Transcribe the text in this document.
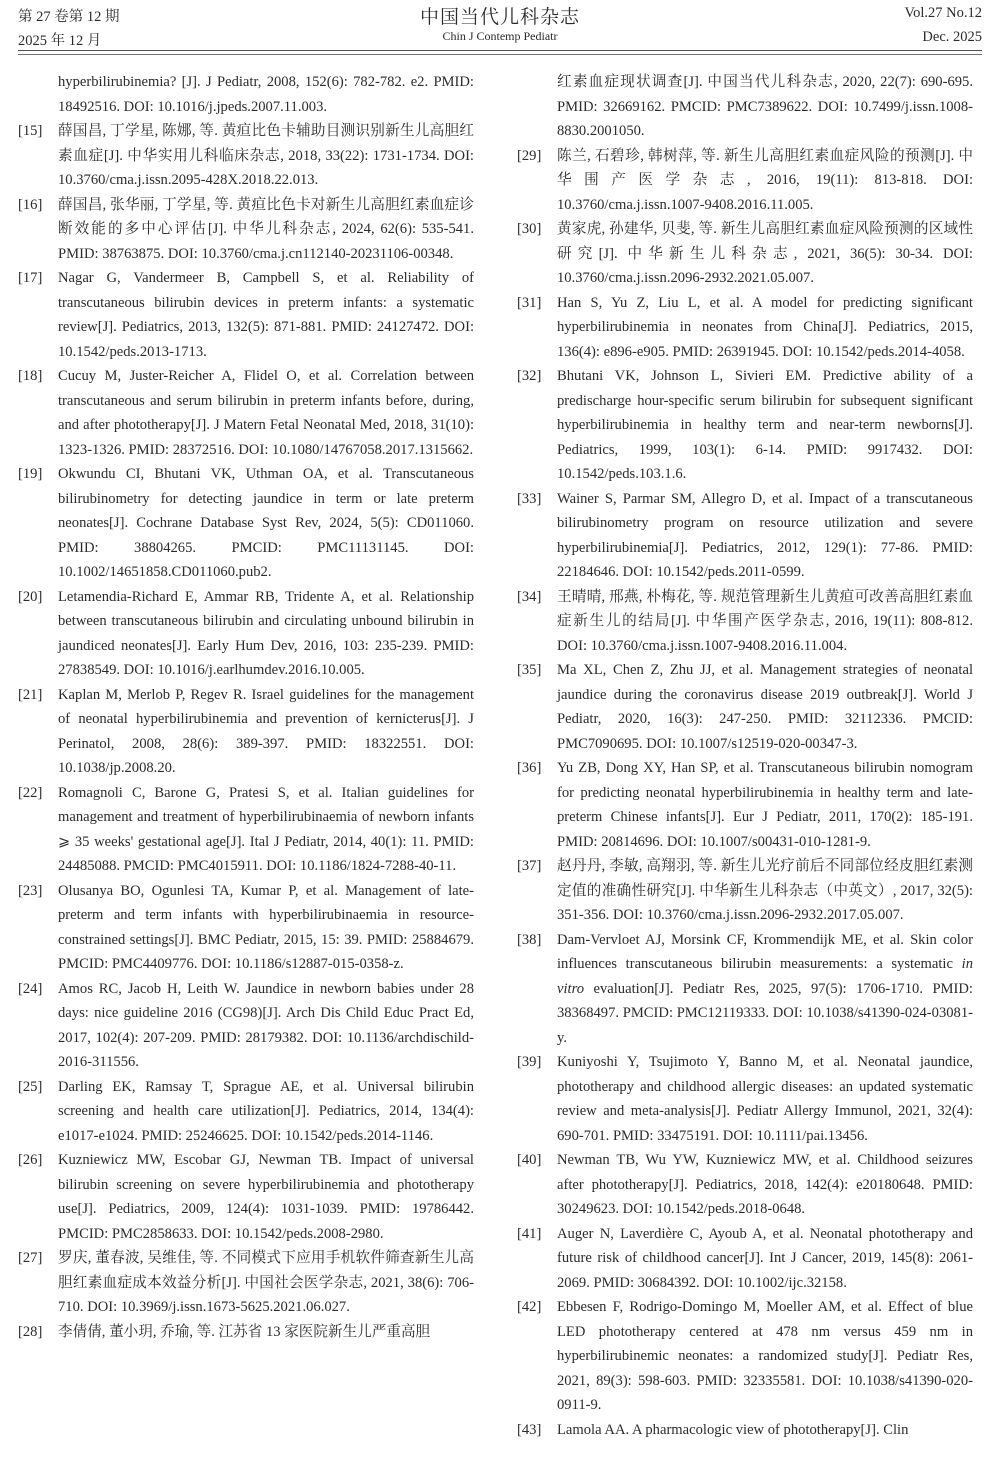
第 27 卷第 12 期
2025 年 12 月
中国当代儿科杂志
Chin J Contemp Pediatr
Vol.27 No.12
Dec. 2025
hyperbilirubinemia? [J]. J Pediatr, 2008, 152(6): 782-782. e2. PMID: 18492516. DOI: 10.1016/j.jpeds.2007.11.003.
[15] 薛国昌, 丁学星, 陈娜, 等. 黄疸比色卡辅助目测识别新生儿高胆红素血症[J]. 中华实用儿科临床杂志, 2018, 33(22): 1731-1734. DOI: 10.3760/cma.j.issn.2095-428X.2018.22.013.
[16] 薛国昌, 张华丽, 丁学星, 等. 黄疸比色卡对新生儿高胆红素血症诊断效能的多中心评估[J]. 中华儿科杂志, 2024, 62(6): 535-541. PMID: 38763875. DOI: 10.3760/cma.j.cn112140-20231106-00348.
[17] Nagar G, Vandermeer B, Campbell S, et al. Reliability of transcutaneous bilirubin devices in preterm infants: a systematic review[J]. Pediatrics, 2013, 132(5): 871-881. PMID: 24127472. DOI: 10.1542/peds.2013-1713.
[18] Cucuy M, Juster-Reicher A, Flidel O, et al. Correlation between transcutaneous and serum bilirubin in preterm infants before, during, and after phototherapy[J]. J Matern Fetal Neonatal Med, 2018, 31(10): 1323-1326. PMID: 28372516. DOI: 10.1080/14767058.2017.1315662.
[19] Okwundu CI, Bhutani VK, Uthman OA, et al. Transcutaneous bilirubinometry for detecting jaundice in term or late preterm neonates[J]. Cochrane Database Syst Rev, 2024, 5(5): CD011060. PMID: 38804265. PMCID: PMC11131145. DOI: 10.1002/14651858.CD011060.pub2.
[20] Letamendia-Richard E, Ammar RB, Tridente A, et al. Relationship between transcutaneous bilirubin and circulating unbound bilirubin in jaundiced neonates[J]. Early Hum Dev, 2016, 103: 235-239. PMID: 27838549. DOI: 10.1016/j.earlhumdev.2016.10.005.
[21] Kaplan M, Merlob P, Regev R. Israel guidelines for the management of neonatal hyperbilirubinemia and prevention of kernicterus[J]. J Perinatol, 2008, 28(6): 389-397. PMID: 18322551. DOI: 10.1038/jp.2008.20.
[22] Romagnoli C, Barone G, Pratesi S, et al. Italian guidelines for management and treatment of hyperbilirubinaemia of newborn infants ⩾ 35 weeks' gestational age[J]. Ital J Pediatr, 2014, 40(1): 11. PMID: 24485088. PMCID: PMC4015911. DOI: 10.1186/1824-7288-40-11.
[23] Olusanya BO, Ogunlesi TA, Kumar P, et al. Management of late-preterm and term infants with hyperbilirubinaemia in resource-constrained settings[J]. BMC Pediatr, 2015, 15: 39. PMID: 25884679. PMCID: PMC4409776. DOI: 10.1186/s12887-015-0358-z.
[24] Amos RC, Jacob H, Leith W. Jaundice in newborn babies under 28 days: nice guideline 2016 (CG98)[J]. Arch Dis Child Educ Pract Ed, 2017, 102(4): 207-209. PMID: 28179382. DOI: 10.1136/archdischild-2016-311556.
[25] Darling EK, Ramsay T, Sprague AE, et al. Universal bilirubin screening and health care utilization[J]. Pediatrics, 2014, 134(4): e1017-e1024. PMID: 25246625. DOI: 10.1542/peds.2014-1146.
[26] Kuzniewicz MW, Escobar GJ, Newman TB. Impact of universal bilirubin screening on severe hyperbilirubinemia and phototherapy use[J]. Pediatrics, 2009, 124(4): 1031-1039. PMID: 19786442. PMCID: PMC2858633. DOI: 10.1542/peds.2008-2980.
[27] 罗庆, 董春波, 吴维佳, 等. 不同模式下应用手机软件筛查新生儿高胆红素血症成本效益分析[J]. 中国社会医学杂志, 2021, 38(6): 706-710. DOI: 10.3969/j.issn.1673-5625.2021.06.027.
[28] 李倩倩, 董小玥, 乔瑜, 等. 江苏省 13 家医院新生儿严重高胆
红素血症现状调查[J]. 中国当代儿科杂志, 2020, 22(7): 690-695. PMID: 32669162. PMCID: PMC7389622. DOI: 10.7499/j.issn.1008-8830.2001050.
[29] 陈兰, 石碧珍, 韩树萍, 等. 新生儿高胆红素血症风险的预测[J]. 中华围产医学杂志, 2016, 19(11): 813-818. DOI: 10.3760/cma.j.issn.1007-9408.2016.11.005.
[30] 黄家虎, 孙建华, 贝斐, 等. 新生儿高胆红素血症风险预测的区域性研究[J]. 中华新生儿科杂志, 2021, 36(5): 30-34. DOI: 10.3760/cma.j.issn.2096-2932.2021.05.007.
[31] Han S, Yu Z, Liu L, et al. A model for predicting significant hyperbilirubinemia in neonates from China[J]. Pediatrics, 2015, 136(4): e896-e905. PMID: 26391945. DOI: 10.1542/peds.2014-4058.
[32] Bhutani VK, Johnson L, Sivieri EM. Predictive ability of a predischarge hour-specific serum bilirubin for subsequent significant hyperbilirubinemia in healthy term and near-term newborns[J]. Pediatrics, 1999, 103(1): 6-14. PMID: 9917432. DOI: 10.1542/peds.103.1.6.
[33] Wainer S, Parmar SM, Allegro D, et al. Impact of a transcutaneous bilirubinometry program on resource utilization and severe hyperbilirubinemia[J]. Pediatrics, 2012, 129(1): 77-86. PMID: 22184646. DOI: 10.1542/peds.2011-0599.
[34] 王晴晴, 邢燕, 朴梅花, 等. 规范管理新生儿黄疸可改善高胆红素血症新生儿的结局[J]. 中华围产医学杂志, 2016, 19(11): 808-812. DOI: 10.3760/cma.j.issn.1007-9408.2016.11.004.
[35] Ma XL, Chen Z, Zhu JJ, et al. Management strategies of neonatal jaundice during the coronavirus disease 2019 outbreak[J]. World J Pediatr, 2020, 16(3): 247-250. PMID: 32112336. PMCID: PMC7090695. DOI: 10.1007/s12519-020-00347-3.
[36] Yu ZB, Dong XY, Han SP, et al. Transcutaneous bilirubin nomogram for predicting neonatal hyperbilirubinemia in healthy term and late-preterm Chinese infants[J]. Eur J Pediatr, 2011, 170(2): 185-191. PMID: 20814696. DOI: 10.1007/s00431-010-1281-9.
[37] 赵丹丹, 李敏, 高翔羽, 等. 新生儿光疗前后不同部位经皮胆红素测定值的准确性研究[J]. 中华新生儿科杂志（中英文）, 2017, 32(5): 351-356. DOI: 10.3760/cma.j.issn.2096-2932.2017.05.007.
[38] Dam-Vervloet AJ, Morsink CF, Krommendijk ME, et al. Skin color influences transcutaneous bilirubin measurements: a systematic in vitro evaluation[J]. Pediatr Res, 2025, 97(5): 1706-1710. PMID: 38368497. PMCID: PMC12119333. DOI: 10.1038/s41390-024-03081-y.
[39] Kuniyoshi Y, Tsujimoto Y, Banno M, et al. Neonatal jaundice, phototherapy and childhood allergic diseases: an updated systematic review and meta-analysis[J]. Pediatr Allergy Immunol, 2021, 32(4): 690-701. PMID: 33475191. DOI: 10.1111/pai.13456.
[40] Newman TB, Wu YW, Kuzniewicz MW, et al. Childhood seizures after phototherapy[J]. Pediatrics, 2018, 142(4): e20180648. PMID: 30249623. DOI: 10.1542/peds.2018-0648.
[41] Auger N, Laverdière C, Ayoub A, et al. Neonatal phototherapy and future risk of childhood cancer[J]. Int J Cancer, 2019, 145(8): 2061-2069. PMID: 30684392. DOI: 10.1002/ijc.32158.
[42] Ebbesen F, Rodrigo-Domingo M, Moeller AM, et al. Effect of blue LED phototherapy centered at 478 nm versus 459 nm in hyperbilirubinemic neonates: a randomized study[J]. Pediatr Res, 2021, 89(3): 598-603. PMID: 32335581. DOI: 10.1038/s41390-020-0911-9.
[43] Lamola AA. A pharmacologic view of phototherapy[J]. Clin
